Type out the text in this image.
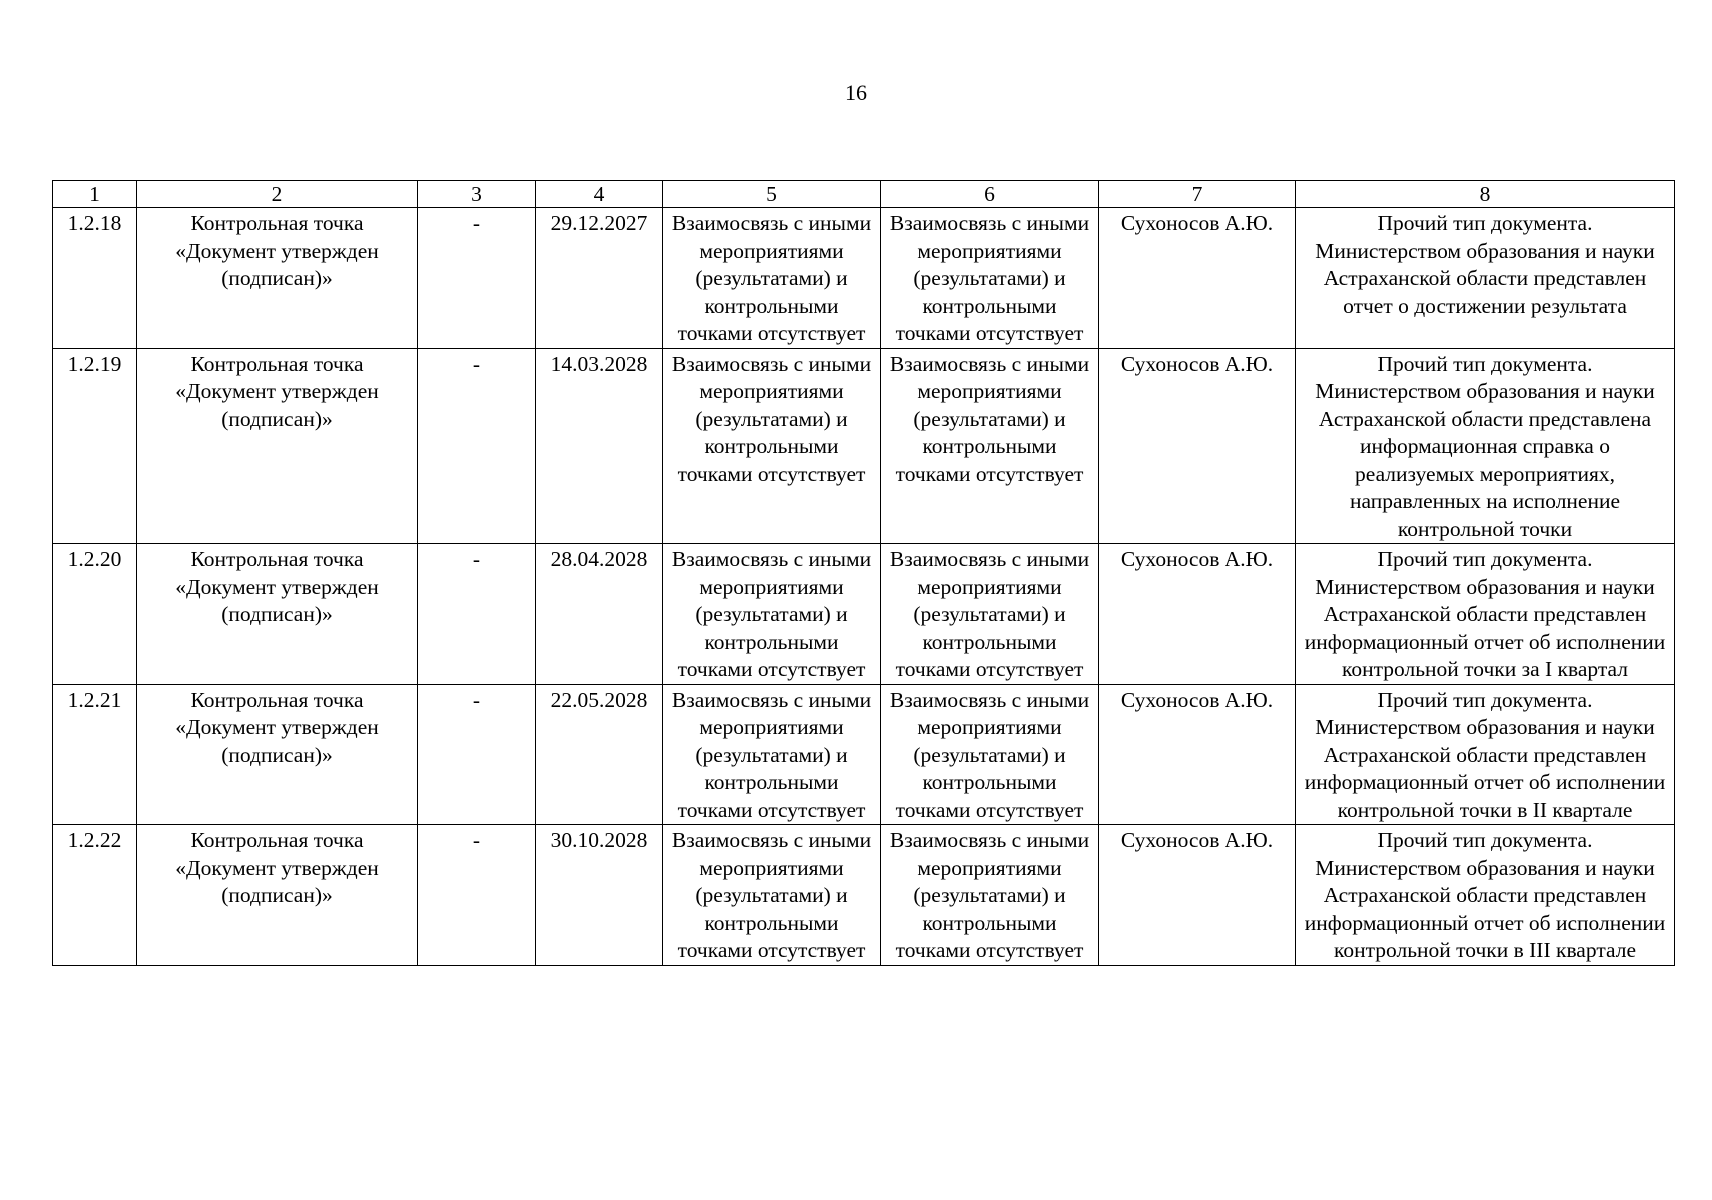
16
1	2	3	4	5	6	7	8
1.2.18	Контрольная точка «Документ утвержден (подписан)»	-	29.12.2027	Взаимосвязь с иными мероприятиями (результатами) и контрольными точками отсутствует	Взаимосвязь с иными мероприятиями (результатами) и контрольными точками отсутствует	Сухоносов А.Ю.	Прочий тип документа. Министерством образования и науки Астраханской области представлен отчет о достижении результата
1.2.19	Контрольная точка «Документ утвержден (подписан)»	-	14.03.2028	Взаимосвязь с иными мероприятиями (результатами) и контрольными точками отсутствует	Взаимосвязь с иными мероприятиями (результатами) и контрольными точками отсутствует	Сухоносов А.Ю.	Прочий тип документа. Министерством образования и науки Астраханской области представлена информационная справка о реализуемых мероприятиях, направленных на исполнение контрольной точки
1.2.20	Контрольная точка «Документ утвержден (подписан)»	-	28.04.2028	Взаимосвязь с иными мероприятиями (результатами) и контрольными точками отсутствует	Взаимосвязь с иными мероприятиями (результатами) и контрольными точками отсутствует	Сухоносов А.Ю.	Прочий тип документа. Министерством образования и науки Астраханской области представлен информационный отчет об исполнении контрольной точки за I квартал
1.2.21	Контрольная точка «Документ утвержден (подписан)»	-	22.05.2028	Взаимосвязь с иными мероприятиями (результатами) и контрольными точками отсутствует	Взаимосвязь с иными мероприятиями (результатами) и контрольными точками отсутствует	Сухоносов А.Ю.	Прочий тип документа. Министерством образования и науки Астраханской области представлен информационный отчет об исполнении контрольной точки в II квартале
1.2.22	Контрольная точка «Документ утвержден (подписан)»	-	30.10.2028	Взаимосвязь с иными мероприятиями (результатами) и контрольными точками отсутствует	Взаимосвязь с иными мероприятиями (результатами) и контрольными точками отсутствует	Сухоносов А.Ю.	Прочий тип документа. Министерством образования и науки Астраханской области представлен информационный отчет об исполнении контрольной точки в III квартале
